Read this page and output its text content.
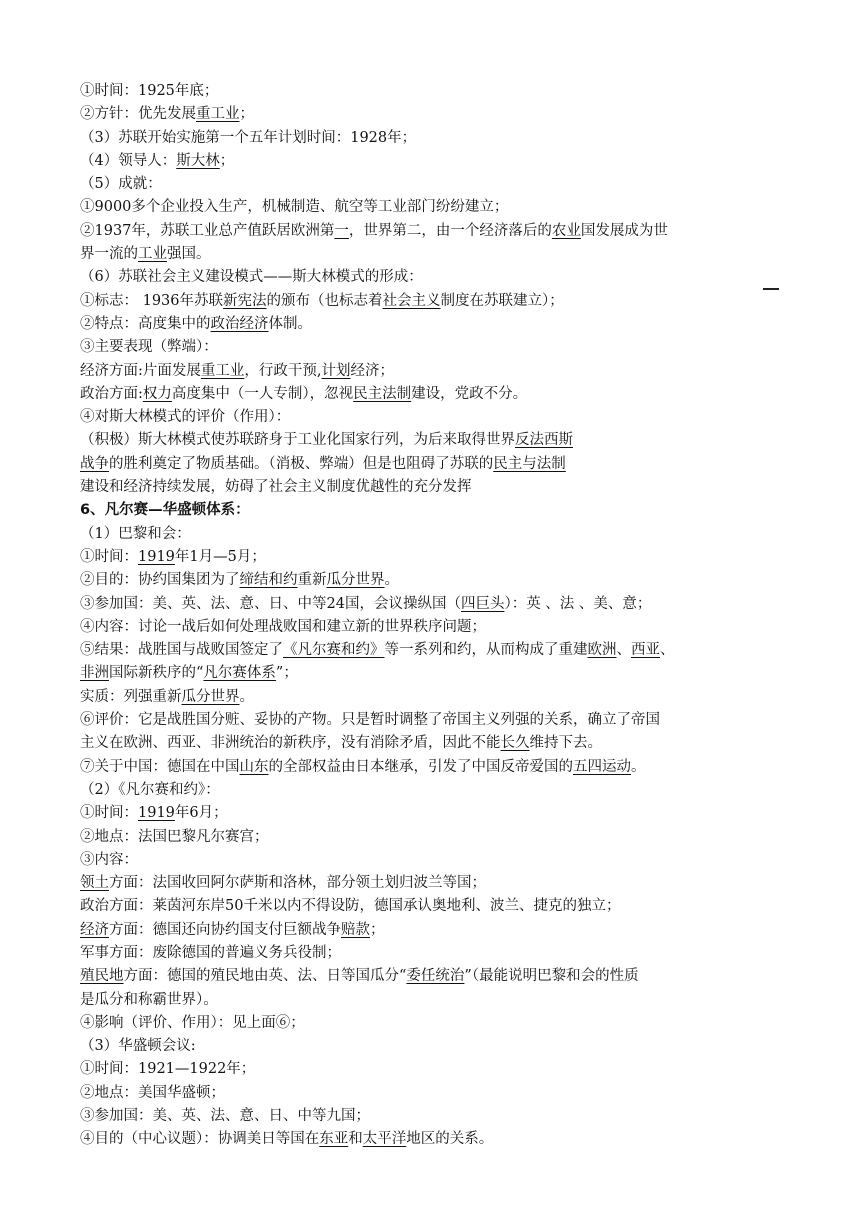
①时间：1925年底；
②方针：优先发展重工业；
（3）苏联开始实施第一个五年计划时间：1928年；
（4）领导人：斯大林；
（5）成就：
①9000多个企业投入生产，机械制造、航空等工业部门纷纷建立；
②1937年，苏联工业总产值跃居欧洲第一，世界第二，由一个经济落后的农业国发展成为世
界一流的工业强国。
（6）苏联社会主义建设模式——斯大林模式的形成：
①标志： 1936年苏联新宪法的颁布（也标志着社会主义制度在苏联建立）；
②特点：高度集中的政治经济体制。
③主要表现（弊端）：
经济方面:片面发展重工业，行政干预,计划经济；
政治方面:权力高度集中（一人专制），忽视民主法制建设，党政不分。
④对斯大林模式的评价（作用）：
（积极）斯大林模式使苏联跻身于工业化国家行列，为后来取得世界反法西斯
战争的胜利奠定了物质基础。（消极、弊端）但是也阻碍了苏联的民主与法制
建设和经济持续发展，妨碍了社会主义制度优越性的充分发挥
6、凡尔赛—华盛顿体系：
（1）巴黎和会：
①时间：1919年1月—5月；
②目的：协约国集团为了缔结和约重新瓜分世界。
③参加国：美、英、法、意、日、中等24国，会议操纵国（四巨头）：英 、法 、美、意；
④内容：讨论一战后如何处理战败国和建立新的世界秩序问题；
⑤结果：战胜国与战败国签定了《凡尔赛和约》等一系列和约，从而构成了重建欧洲、西亚、
非洲国际新秩序的“凡尔赛体系”；
实质：列强重新瓜分世界。
⑥评价：它是战胜国分赃、妥协的产物。只是暂时调整了帝国主义列强的关系，确立了帝国
主义在欧洲、西亚、非洲统治的新秩序，没有消除矛盾，因此不能长久维持下去。
⑦关于中国：德国在中国山东的全部权益由日本继承，引发了中国反帝爱国的五四运动。
（2）《凡尔赛和约》：
①时间：1919年6月；
②地点：法国巴黎凡尔赛宫；
③内容：
领土方面：法国收回阿尔萨斯和洛林，部分领土划归波兰等国；
政治方面：莱茵河东岸50千米以内不得设防，德国承认奥地利、波兰、捷克的独立；
经济方面：德国还向协约国支付巨额战争赔款；
军事方面：废除德国的普遍义务兵役制；
殖民地方面：德国的殖民地由英、法、日等国瓜分“委任统治”（最能说明巴黎和会的性质
是瓜分和称霸世界）。
④影响（评价、作用）：见上面⑥；
（3）华盛顿会议:
①时间：1921—1922年；
②地点：美国华盛顿；
③参加国：美、英、法、意、日、中等九国；
④目的（中心议题）：协调美日等国在东亚和太平洋地区的关系。
